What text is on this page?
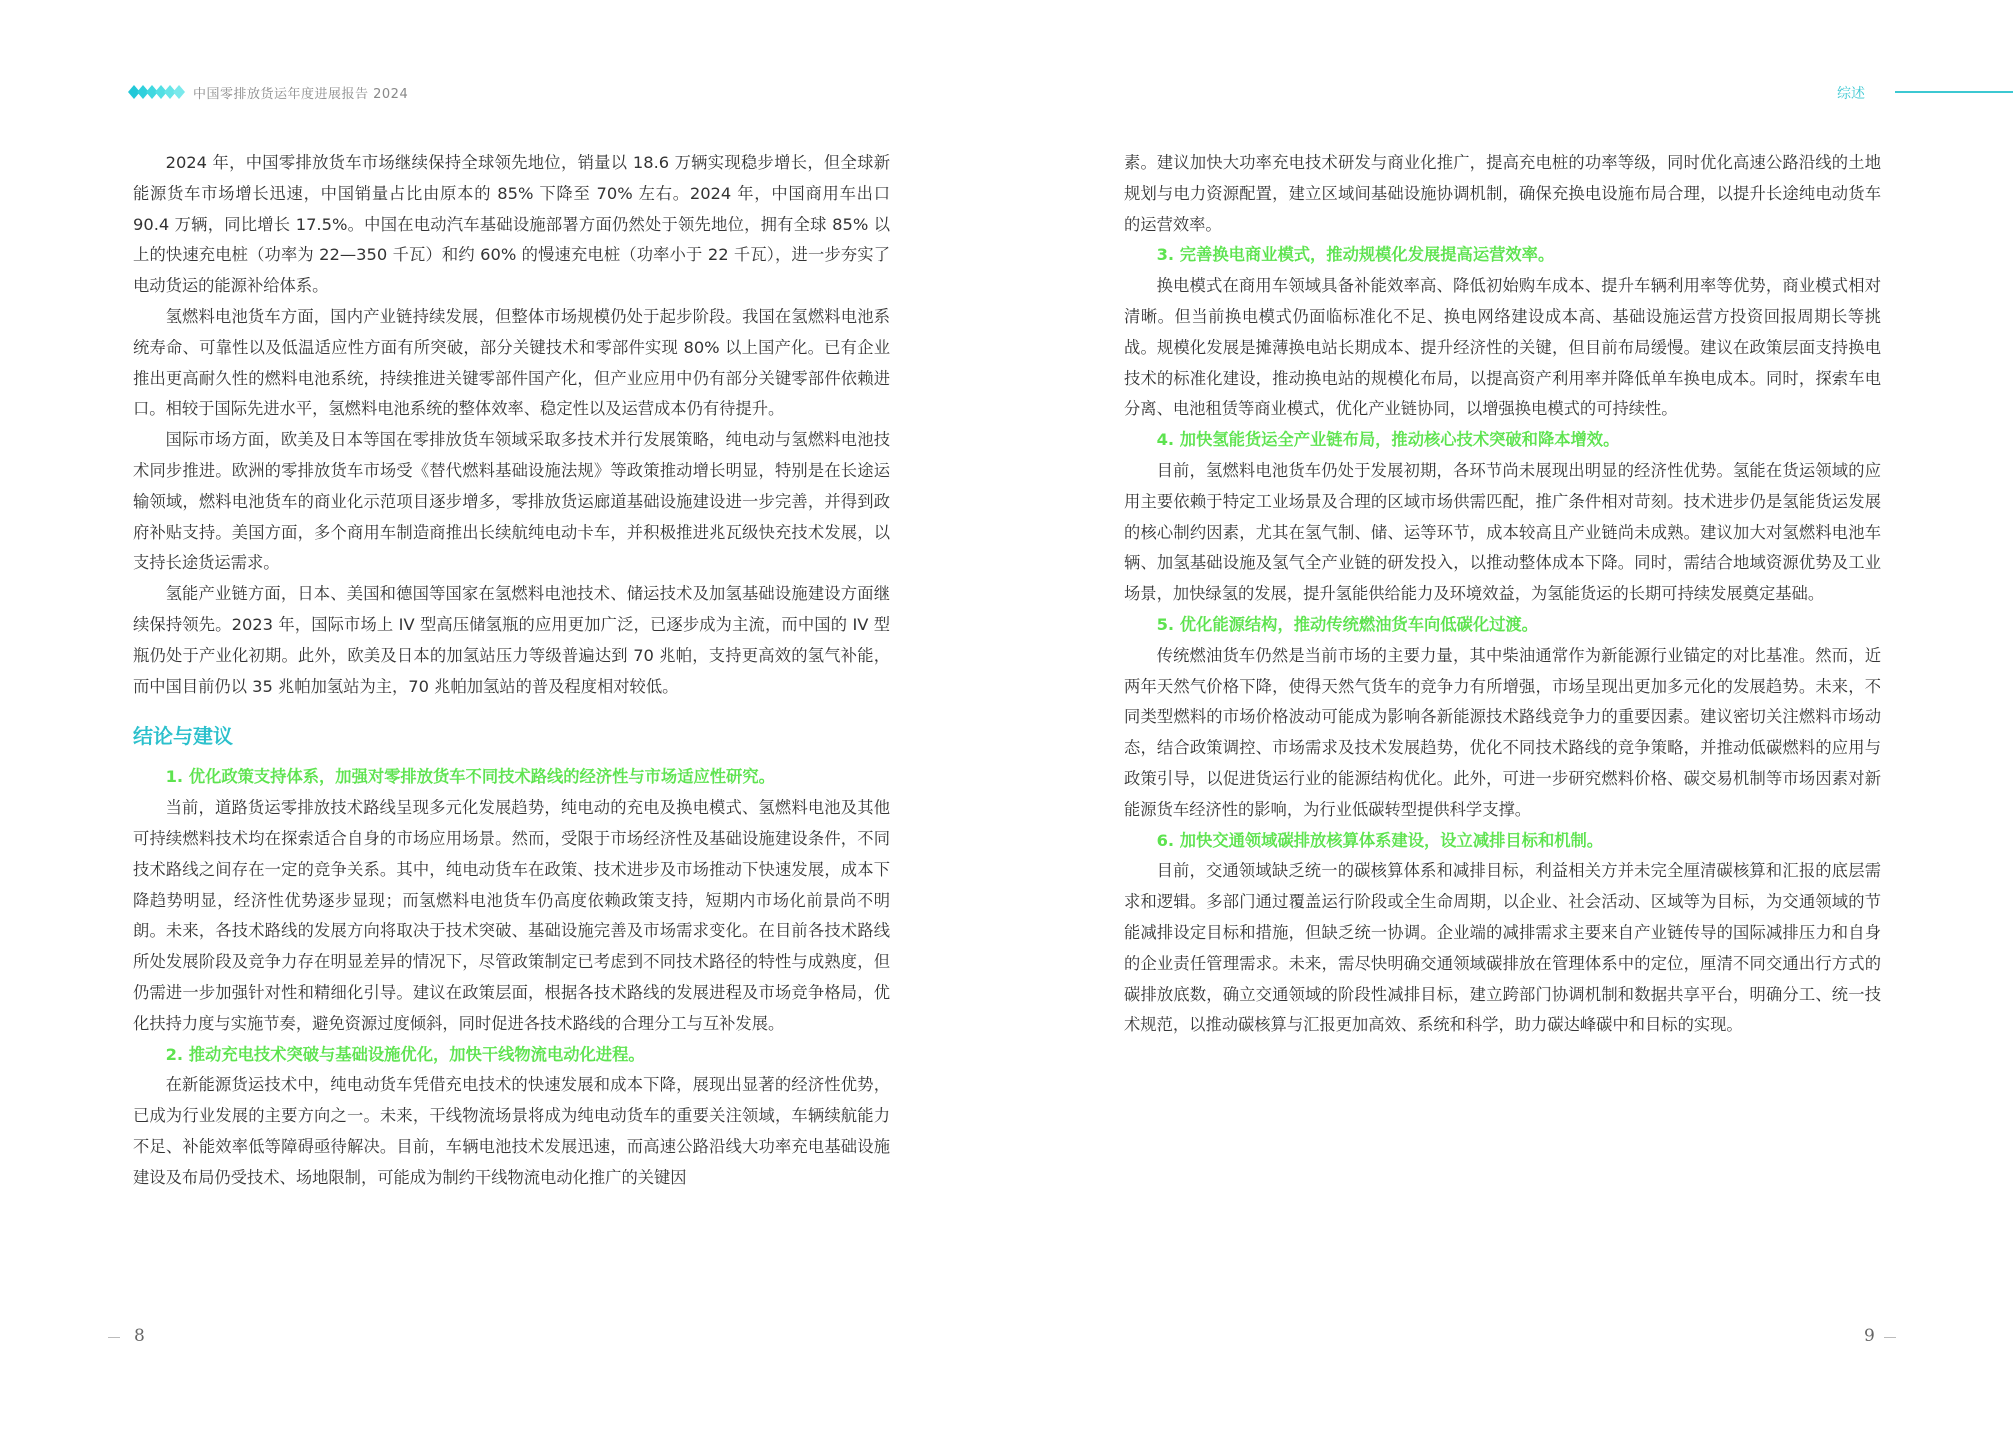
中国零排放货运年度进展报告 2024	综述

2024 年，中国零排放货车市场继续保持全球领先地位，销量以 18.6 万辆实现稳步增长，但全球新能源货车市场增长迅速，中国销量占比由原本的 85% 下降至 70% 左右。2024 年，中国商用车出口 90.4 万辆，同比增长 17.5%。中国在电动汽车基础设施部署方面仍然处于领先地位，拥有全球 85% 以上的快速充电桩（功率为 22—350 千瓦）和约 60% 的慢速充电桩（功率小于 22 千瓦），进一步夯实了电动货运的能源补给体系。

氢燃料电池货车方面，国内产业链持续发展，但整体市场规模仍处于起步阶段。我国在氢燃料电池系统寿命、可靠性以及低温适应性方面有所突破，部分关键技术和零部件实现 80% 以上国产化。已有企业推出更高耐久性的燃料电池系统，持续推进关键零部件国产化，但产业应用中仍有部分关键零部件依赖进口。相较于国际先进水平，氢燃料电池系统的整体效率、稳定性以及运营成本仍有待提升。

国际市场方面，欧美及日本等国在零排放货车领域采取多技术并行发展策略，纯电动与氢燃料电池技术同步推进。欧洲的零排放货车市场受《替代燃料基础设施法规》等政策推动增长明显，特别是在长途运输领域，燃料电池货车的商业化示范项目逐步增多，零排放货运廊道基础设施建设进一步完善，并得到政府补贴支持。美国方面，多个商用车制造商推出长续航纯电动卡车，并积极推进兆瓦级快充技术发展，以支持长途货运需求。

氢能产业链方面，日本、美国和德国等国家在氢燃料电池技术、储运技术及加氢基础设施建设方面继续保持领先。2023 年，国际市场上 IV 型高压储氢瓶的应用更加广泛，已逐步成为主流，而中国的 IV 型瓶仍处于产业化初期。此外，欧美及日本的加氢站压力等级普遍达到 70 兆帕，支持更高效的氢气补能，而中国目前仍以 35 兆帕加氢站为主，70 兆帕加氢站的普及程度相对较低。

结论与建议
1. 优化政策支持体系，加强对零排放货车不同技术路线的经济性与市场适应性研究。

当前，道路货运零排放技术路线呈现多元化发展趋势，纯电动的充电及换电模式、氢燃料电池及其他可持续燃料技术均在探索适合自身的市场应用场景。然而，受限于市场经济性及基础设施建设条件，不同技术路线之间存在一定的竞争关系。其中，纯电动货车在政策、技术进步及市场推动下快速发展，成本下降趋势明显，经济性优势逐步显现；而氢燃料电池货车仍高度依赖政策支持，短期内市场化前景尚不明朗。未来，各技术路线的发展方向将取决于技术突破、基础设施完善及市场需求变化。在目前各技术路线所处发展阶段及竞争力存在明显差异的情况下，尽管政策制定已考虑到不同技术路径的特性与成熟度，但仍需进一步加强针对性和精细化引导。建议在政策层面，根据各技术路线的发展进程及市场竞争格局，优化扶持力度与实施节奏，避免资源过度倾斜，同时促进各技术路线的合理分工与互补发展。

2. 推动充电技术突破与基础设施优化，加快干线物流电动化进程。

在新能源货运技术中，纯电动货车凭借充电技术的快速发展和成本下降，展现出显著的经济性优势，已成为行业发展的主要方向之一。未来，干线物流场景将成为纯电动货车的重要关注领域，车辆续航能力不足、补能效率低等障碍亟待解决。目前，车辆电池技术发展迅速，而高速公路沿线大功率充电基础设施建设及布局仍受技术、场地限制，可能成为制约干线物流电动化推广的关键因

素。建议加快大功率充电技术研发与商业化推广，提高充电桩的功率等级，同时优化高速公路沿线的土地规划与电力资源配置，建立区域间基础设施协调机制，确保充换电设施布局合理，以提升长途纯电动货车的运营效率。

3. 完善换电商业模式，推动规模化发展提高运营效率。

换电模式在商用车领域具备补能效率高、降低初始购车成本、提升车辆利用率等优势，商业模式相对清晰。但当前换电模式仍面临标准化不足、换电网络建设成本高、基础设施运营方投资回报周期长等挑战。规模化发展是摊薄换电站长期成本、提升经济性的关键，但目前布局缓慢。建议在政策层面支持换电技术的标准化建设，推动换电站的规模化布局，以提高资产利用率并降低单车换电成本。同时，探索车电分离、电池租赁等商业模式，优化产业链协同，以增强换电模式的可持续性。

4. 加快氢能货运全产业链布局，推动核心技术突破和降本增效。

目前，氢燃料电池货车仍处于发展初期，各环节尚未展现出明显的经济性优势。氢能在货运领域的应用主要依赖于特定工业场景及合理的区域市场供需匹配，推广条件相对苛刻。技术进步仍是氢能货运发展的核心制约因素，尤其在氢气制、储、运等环节，成本较高且产业链尚未成熟。建议加大对氢燃料电池车辆、加氢基础设施及氢气全产业链的研发投入，以推动整体成本下降。同时，需结合地域资源优势及工业场景，加快绿氢的发展，提升氢能供给能力及环境效益，为氢能货运的长期可持续发展奠定基础。

5. 优化能源结构，推动传统燃油货车向低碳化过渡。

传统燃油货车仍然是当前市场的主要力量，其中柴油通常作为新能源行业锚定的对比基准。然而，近两年天然气价格下降，使得天然气货车的竞争力有所增强，市场呈现出更加多元化的发展趋势。未来，不同类型燃料的市场价格波动可能成为影响各新能源技术路线竞争力的重要因素。建议密切关注燃料市场动态，结合政策调控、市场需求及技术发展趋势，优化不同技术路线的竞争策略，并推动低碳燃料的应用与政策引导，以促进货运行业的能源结构优化。此外，可进一步研究燃料价格、碳交易机制等市场因素对新能源货车经济性的影响，为行业低碳转型提供科学支撑。

6. 加快交通领域碳排放核算体系建设，设立减排目标和机制。

目前，交通领域缺乏统一的碳核算体系和减排目标，利益相关方并未完全厘清碳核算和汇报的底层需求和逻辑。多部门通过覆盖运行阶段或全生命周期，以企业、社会活动、区域等为目标，为交通领域的节能减排设定目标和措施，但缺乏统一协调。企业端的减排需求主要来自产业链传导的国际减排压力和自身的企业责任管理需求。未来，需尽快明确交通领域碳排放在管理体系中的定位，厘清不同交通出行方式的碳排放底数，确立交通领域的阶段性减排目标，建立跨部门协调机制和数据共享平台，明确分工、统一技术规范，以推动碳核算与汇报更加高效、系统和科学，助力碳达峰碳中和目标的实现。

8	9
